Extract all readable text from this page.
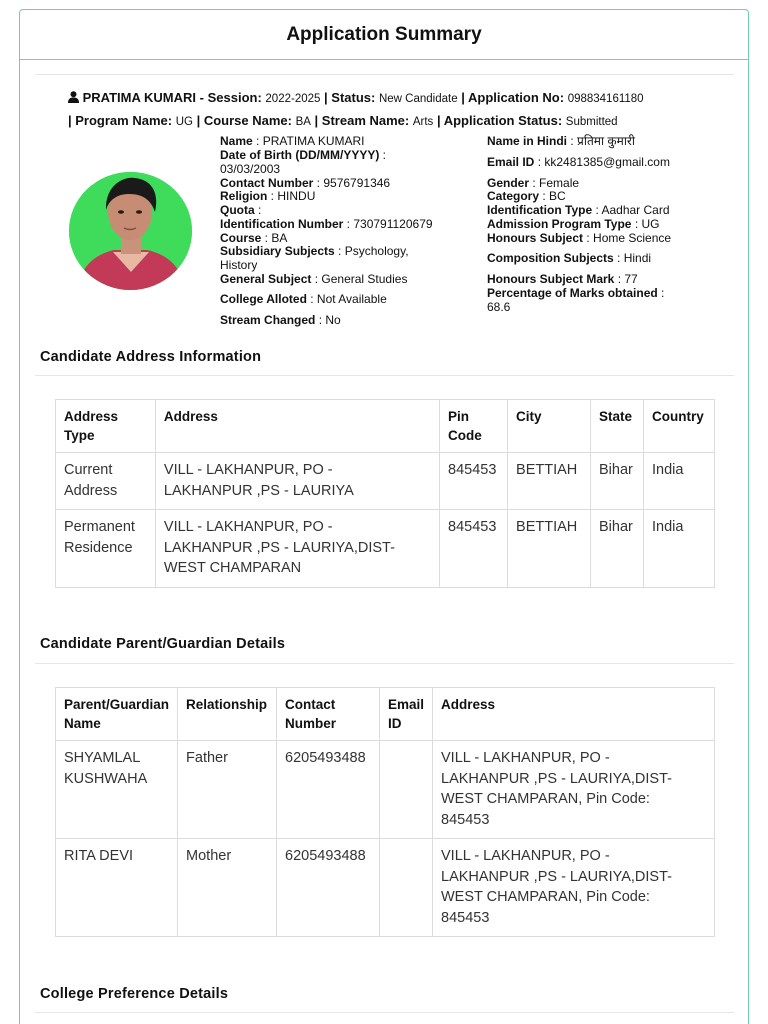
Application Summary
PRATIMA KUMARI - Session: 2022-2025 | Status: New Candidate | Application No: 098834161180
| Program Name: UG | Course Name: BA | Stream Name: Arts | Application Status: Submitted
Name : PRATIMA KUMARI
Date of Birth (DD/MM/YYYY) :
03/03/2003
Contact Number : 9576791346
Religion : HINDU
Quota :
Identification Number : 730791120679
Course : BA
Subsidiary Subjects : Psychology,
History
General Subject : General Studies
College Alloted : Not Available
Stream Changed : No
Name in Hindi : प्रतिमा कुमारी
Email ID : kk2481385@gmail.com
Gender : Female
Category : BC
Identification Type : Aadhar Card
Admission Program Type : UG
Honours Subject : Home Science
Composition Subjects : Hindi
Honours Subject Mark : 77
Percentage of Marks obtained :
68.6
Candidate Address Information
Address
Type	Address	Pin
Code	City	State	Country
Current
Address	VILL - LAKHANPUR, PO -
LAKHANPUR ,PS - LAURIYA	845453	BETTIAH	Bihar	India
Permanent
Residence	VILL - LAKHANPUR, PO -
LAKHANPUR ,PS - LAURIYA,DIST-
WEST CHAMPARAN	845453	BETTIAH	Bihar	India
Candidate Parent/Guardian Details
Parent/Guardian
Name	Relationship	Contact
Number	Email
ID	Address
SHYAMLAL
KUSHWAHA	Father	6205493488		VILL - LAKHANPUR, PO -
LAKHANPUR ,PS - LAURIYA,DIST-
WEST CHAMPARAN, Pin Code:
845453
RITA DEVI	Mother	6205493488		VILL - LAKHANPUR, PO -
LAKHANPUR ,PS - LAURIYA,DIST-
WEST CHAMPARAN, Pin Code:
845453
College Preference Details
